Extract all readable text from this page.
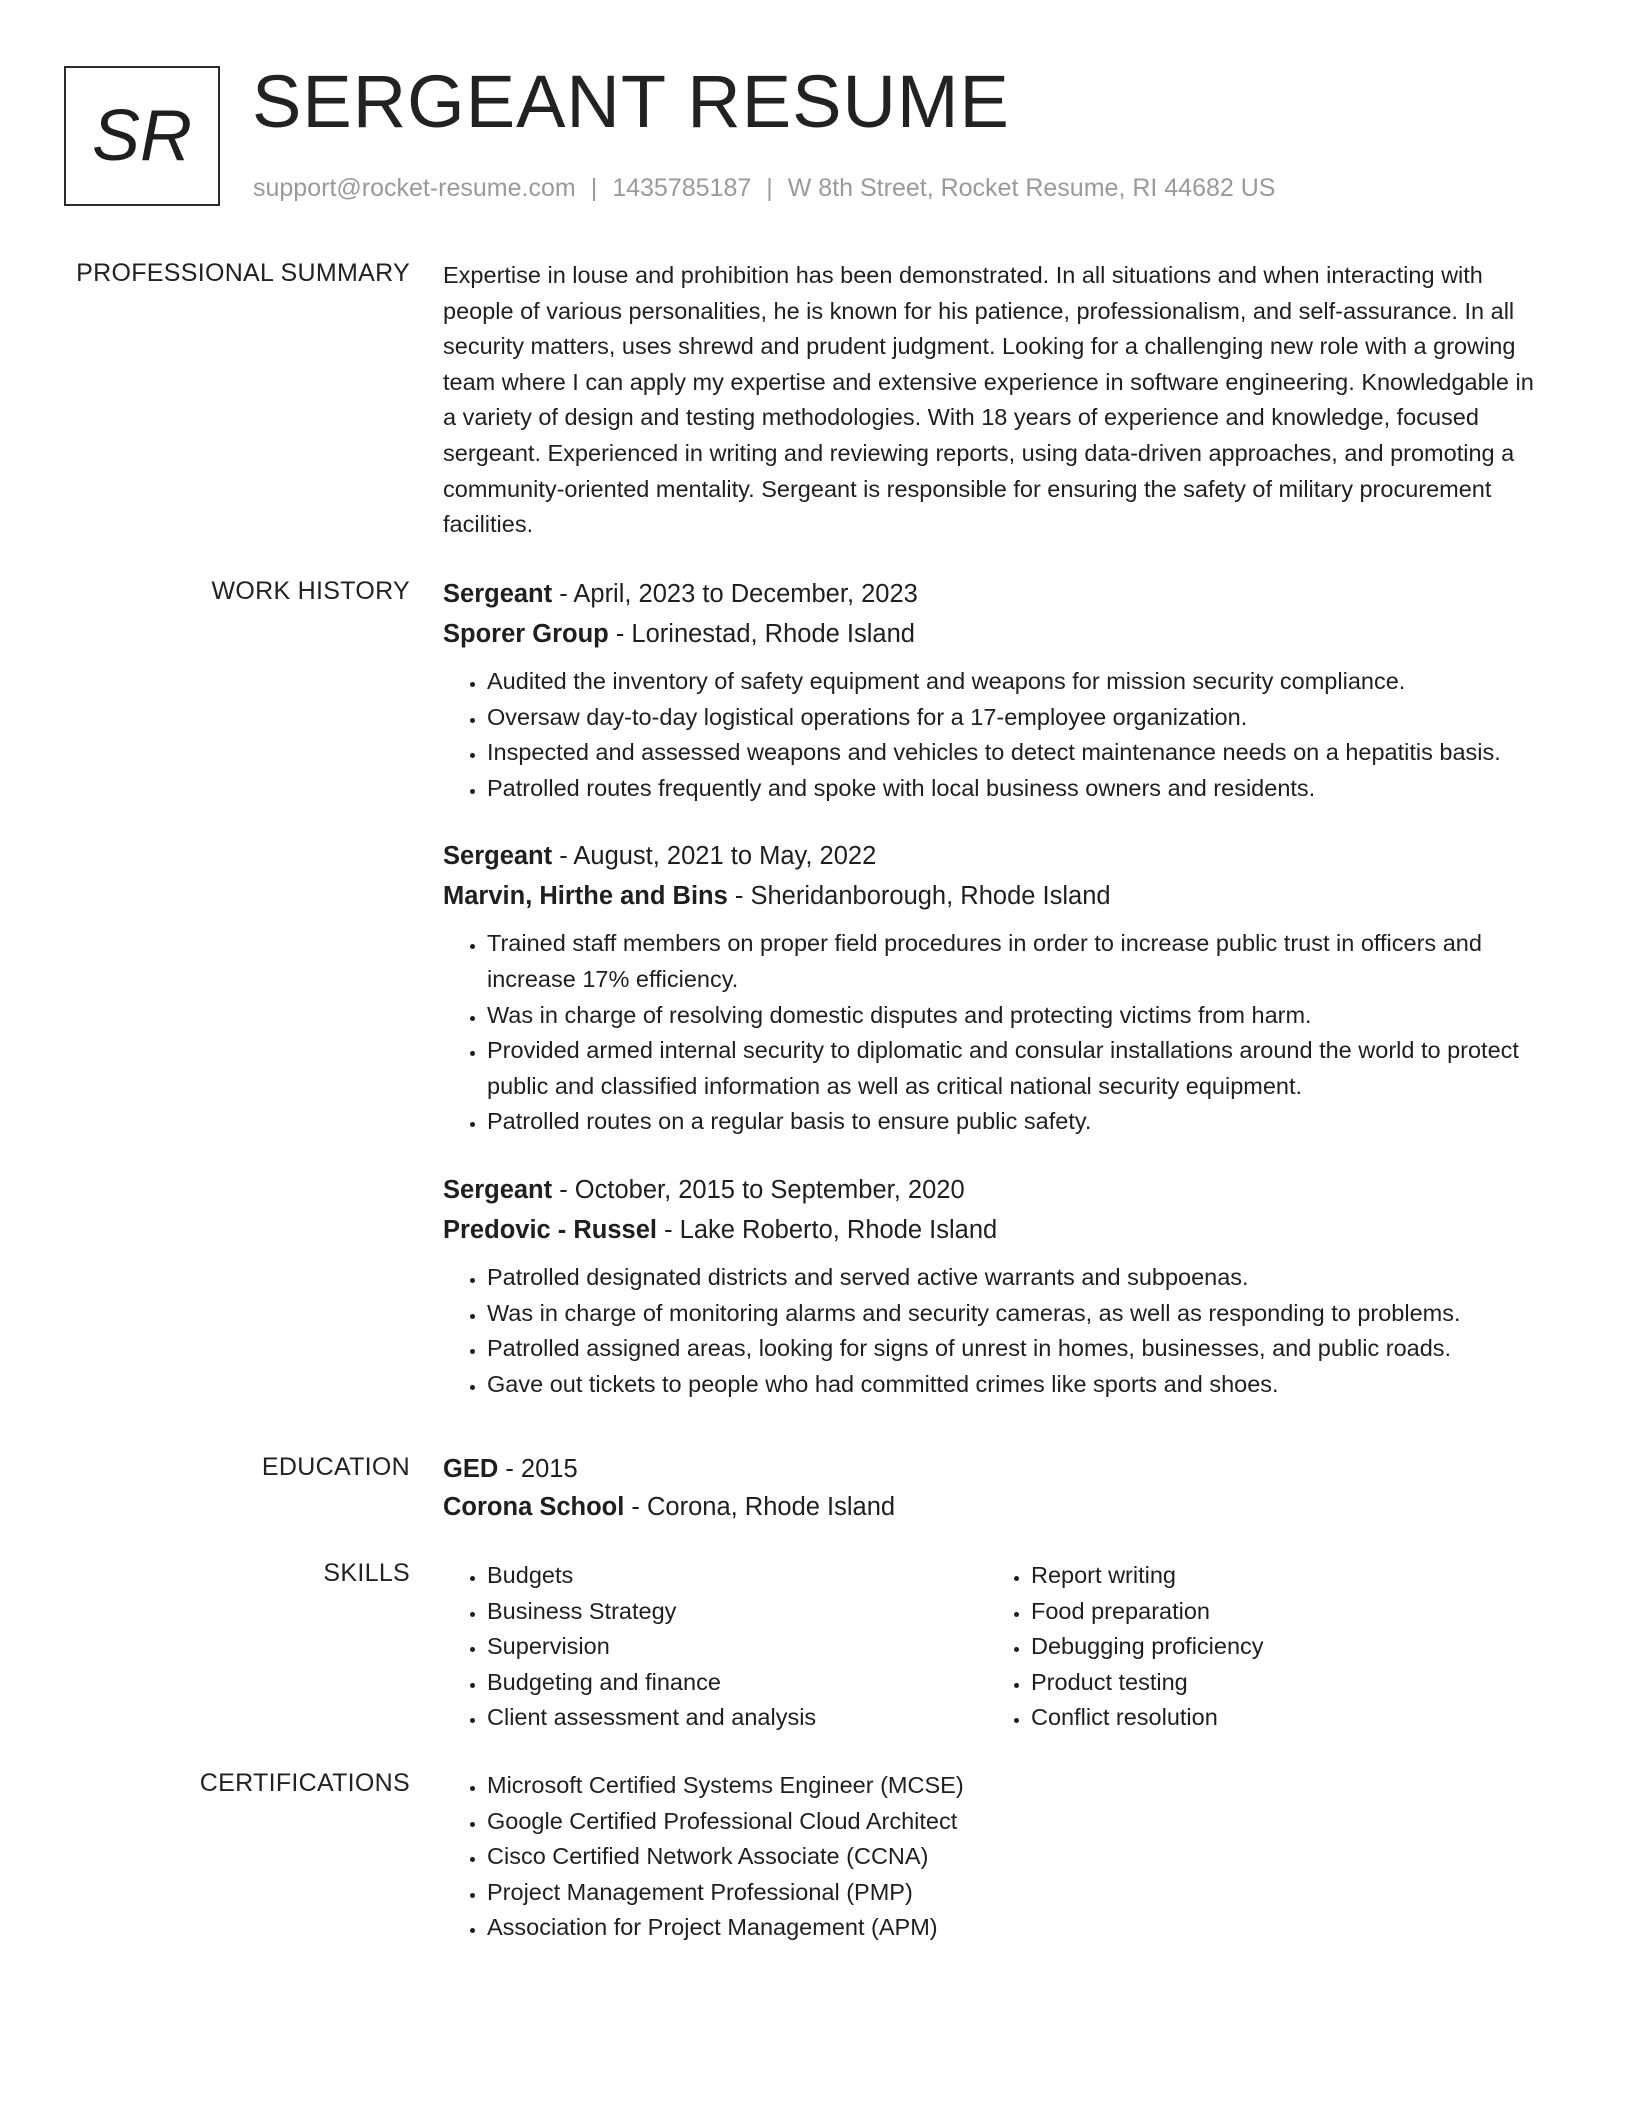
SR SERGEANT RESUME
support@rocket-resume.com | 1435785187 | W 8th Street, Rocket Resume, RI 44682 US
PROFESSIONAL SUMMARY Expertise in louse and prohibition has been demonstrated. In all situations and when interacting with people of various personalities, he is known for his patience, professionalism, and self-assurance. In all security matters, uses shrewd and prudent judgment. Looking for a challenging new role with a growing team where I can apply my expertise and extensive experience in software engineering. Knowledgable in a variety of design and testing methodologies. With 18 years of experience and knowledge, focused sergeant. Experienced in writing and reviewing reports, using data-driven approaches, and promoting a community-oriented mentality. Sergeant is responsible for ensuring the safety of military procurement facilities.

WORK HISTORY Sergeant - April, 2023 to December, 2023
Sporer Group - Lorinestad, Rhode Island
• Audited the inventory of safety equipment and weapons for mission security compliance.
• Oversaw day-to-day logistical operations for a 17-employee organization.
• Inspected and assessed weapons and vehicles to detect maintenance needs on a hepatitis basis.
• Patrolled routes frequently and spoke with local business owners and residents.
Sergeant - August, 2021 to May, 2022
Marvin, Hirthe and Bins - Sheridanborough, Rhode Island
• Trained staff members on proper field procedures in order to increase public trust in officers and increase 17% efficiency.
• Was in charge of resolving domestic disputes and protecting victims from harm.
• Provided armed internal security to diplomatic and consular installations around the world to protect public and classified information as well as critical national security equipment.
• Patrolled routes on a regular basis to ensure public safety.
Sergeant - October, 2015 to September, 2020
Predovic - Russel - Lake Roberto, Rhode Island
• Patrolled designated districts and served active warrants and subpoenas.
• Was in charge of monitoring alarms and security cameras, as well as responding to problems.
• Patrolled assigned areas, looking for signs of unrest in homes, businesses, and public roads.
• Gave out tickets to people who had committed crimes like sports and shoes.
EDUCATION GED - 2015
Corona School - Corona, Rhode Island
SKILLS	• Budgets
• Business Strategy
• Supervision
• Budgeting and finance
• Client assessment and analysis
• Report writing
• Food preparation
• Debugging proficiency
• Product testing
• Conflict resolution
CERTIFICATIONS	• Microsoft Certified Systems Engineer (MCSE)
• Google Certified Professional Cloud Architect
• Cisco Certified Network Associate (CCNA)
• Project Management Professional (PMP)
• Association for Project Management (APM)
